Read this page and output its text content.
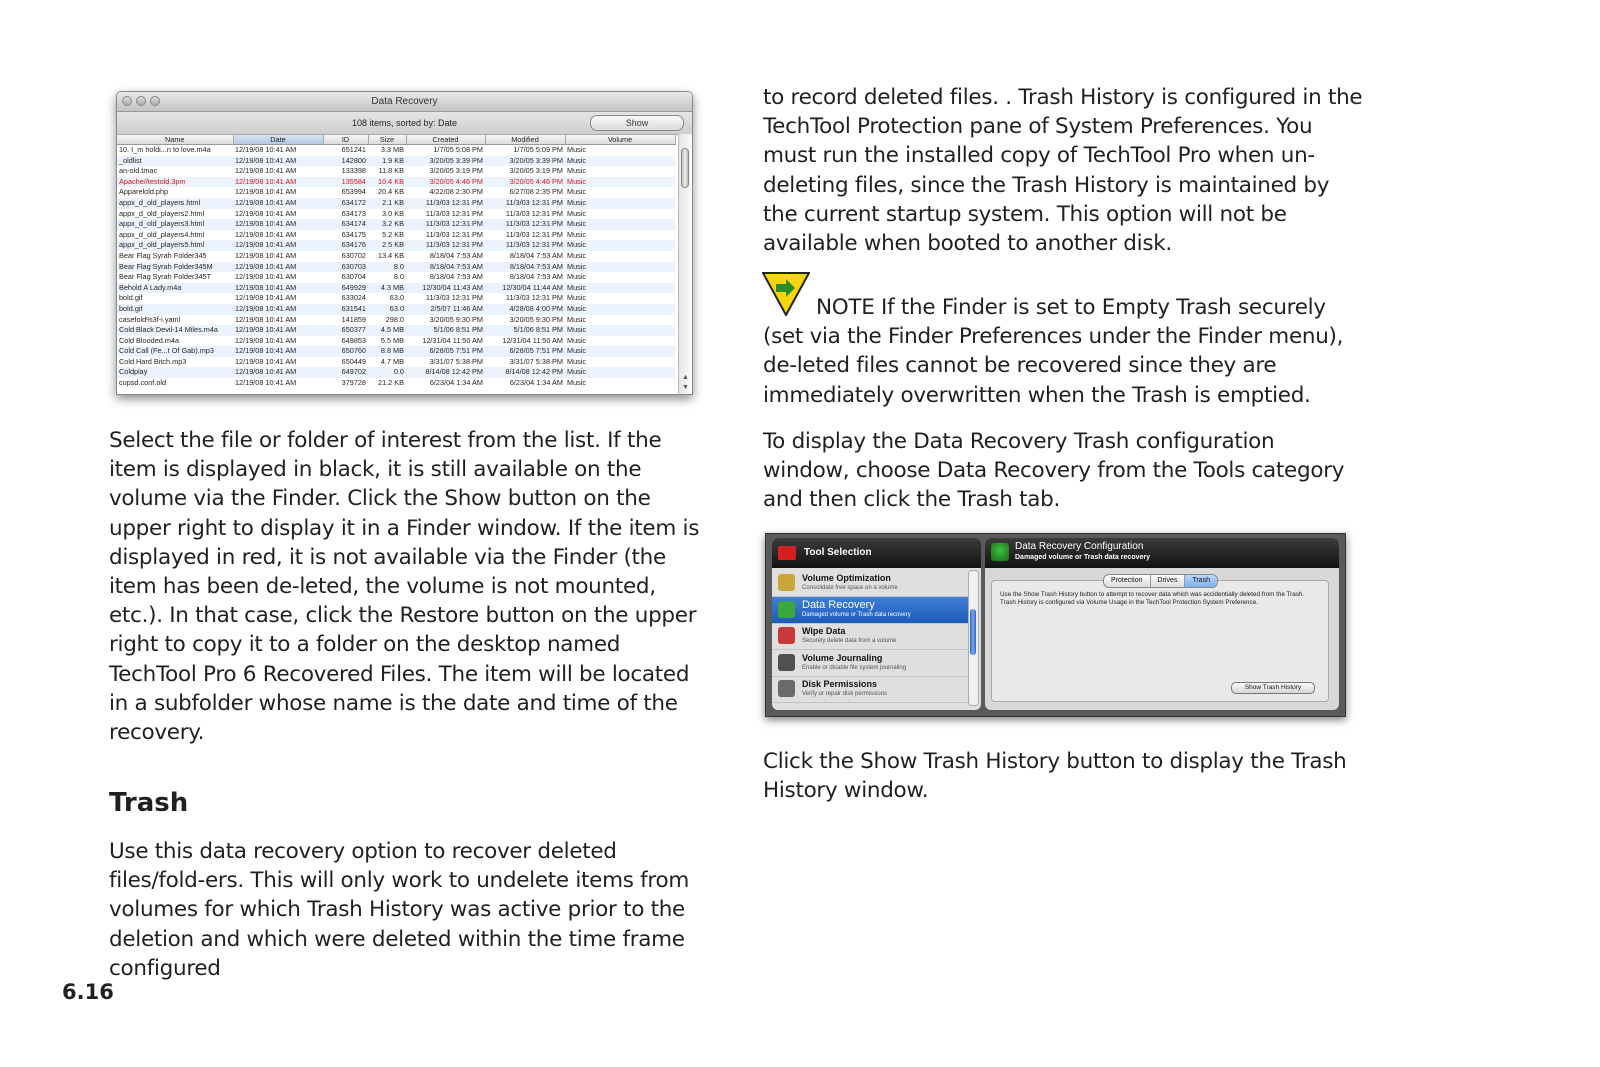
Data Recovery
108 items, sorted by: Date	Show
Name	Date	ID	Size	Created	Modified	Volume
10. I_m holdi...n to love.m4a	12/19/08 10:41 AM	651241	3.3 MB	1/7/05 5:08 PM	1/7/05 5:09 PM	Music
_oldlist	12/19/08 10:41 AM	142800	1.9 KB	3/20/05 3:39 PM	3/20/05 3:39 PM	Music
an-old.tmac	12/19/08 10:41 AM	133398	11.8 KB	3/20/05 3:19 PM	3/20/05 3:19 PM	Music
Apache//testold.3pm	12/19/08 10:41 AM	135584	10.4 KB	3/20/05 4:46 PM	3/20/05 4:46 PM	Music
Apparelold.php	12/19/08 10:41 AM	653994	20.4 KB	4/22/08 2:30 PM	6/27/08 2:35 PM	Music
appx_d_old_players.html	12/19/08 10:41 AM	634172	2.1 KB	11/3/03 12:31 PM	11/3/03 12:31 PM	Music
appx_d_old_players2.html	12/19/08 10:41 AM	634173	3.0 KB	11/3/03 12:31 PM	11/3/03 12:31 PM	Music
appx_d_old_players3.html	12/19/08 10:41 AM	634174	3.2 KB	11/3/03 12:31 PM	11/3/03 12:31 PM	Music
appx_d_old_players4.html	12/19/08 10:41 AM	634175	5.2 KB	11/3/03 12:31 PM	11/3/03 12:31 PM	Music
appx_d_old_players5.html	12/19/08 10:41 AM	634176	2.5 KB	11/3/03 12:31 PM	11/3/03 12:31 PM	Music
Bear Flag Syrah Folder345	12/19/08 10:41 AM	630702	13.4 KB	8/18/04 7:53 AM	8/18/04 7:53 AM	Music
Bear Flag Syrah Folder345M	12/19/08 10:41 AM	630703	8.0	8/18/04 7:53 AM	8/18/04 7:53 AM	Music
Bear Flag Syrah Folder345T	12/19/08 10:41 AM	630704	8.0	8/18/04 7:53 AM	8/18/04 7:53 AM	Music
Behold A Lady.m4a	12/19/08 10:41 AM	649929	4.3 MB	12/30/04 11:43 AM	12/30/04 11:44 AM	Music
bold.gif	12/19/08 10:41 AM	633024	63.0	11/3/03 12:31 PM	11/3/03 12:31 PM	Music
bold.gif	12/19/08 10:41 AM	631541	63.0	2/5/07 11:46 AM	4/28/08 4:00 PM	Music
casefold%3f-i.yaml	12/19/08 10:41 AM	141859	298.0	3/20/05 9:30 PM	3/20/05 9:30 PM	Music
Cold Black Devil-14 Miles.m4a	12/19/08 10:41 AM	650377	4.5 MB	5/1/06 8:51 PM	5/1/06 8:51 PM	Music
Cold Blooded.m4a	12/19/08 10:41 AM	649853	5.5 MB	12/31/04 11:50 AM	12/31/04 11:50 AM	Music
Cold Call (Fe...t Of Gab).mp3	12/19/08 10:41 AM	650760	8.8 MB	6/28/05 7:51 PM	6/28/05 7:51 PM	Music
Cold Hard Bitch.mp3	12/19/08 10:41 AM	650449	4.7 MB	3/31/07 5:38 PM	3/31/07 5:38 PM	Music
Coldplay	12/19/08 10:41 AM	649702	0.0	8/14/08 12:42 PM	8/14/08 12:42 PM	Music
cupsd.conf.old	12/19/08 10:41 AM	379728	21.2 KB	6/23/04 1:34 AM	6/23/04 1:34 AM	Music
▲
▼

Select the file or folder of interest from the list. If the item is displayed in black, it is still available on the volume via the Finder. Click the Show button on the upper right to display it in a Finder window. If the item is displayed in red, it is not available via the Finder (the item has been de-leted, the volume is not mounted, etc.). In that case, click the Restore button on the upper right to copy it to a folder on the desktop named TechTool Pro 6 Recovered Files. The item will be located in a subfolder whose name is the date and time of the recovery.

Trash

Use this data recovery option to recover deleted files/fold-ers. This will only work to undelete items from volumes for which Trash History was active prior to the deletion and which were deleted within the time frame configured

6.16

to record deleted files. . Trash History is configured in the TechTool Protection pane of System Preferences. You must run the installed copy of TechTool Pro when un-deleting files, since the Trash History is maintained by the current startup system. This option will not be available when booted to another disk.

NOTE If the Finder is set to Empty Trash securely (set via the Finder Preferences under the Finder menu), de-leted files cannot be recovered since they are immediately overwritten when the Trash is emptied.

To display the Data Recovery Trash configuration window, choose Data Recovery from the Tools category and then click the Trash tab.

Tool Selection
Volume Optimization
Consolidate free space on a volume
Data Recovery
Damaged volume or Trash data recovery
Wipe Data
Securely delete data from a volume
Volume Journaling
Enable or disable file system journaling
Disk Permissions
Verify or repair disk permissions
Data Recovery Configuration
Damaged volume or Trash data recovery
Protection	Drives	Trash

Use the Show Trash History button to attempt to recover data which was accidentially deleted from the Trash. Trash History is configured via Volume Usage in the TechTool Protection System Preference.

Show Trash History

Click the Show Trash History button to display the Trash History window.
